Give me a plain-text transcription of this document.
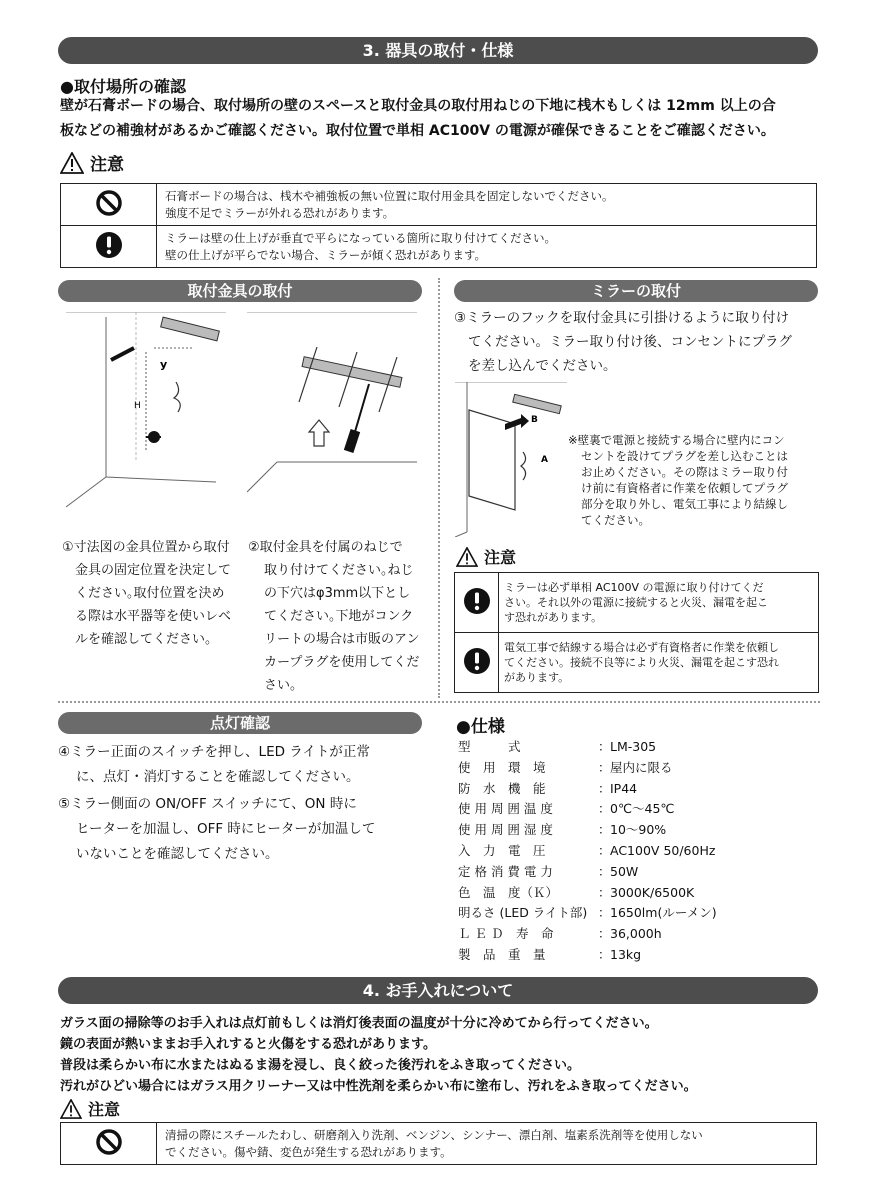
3. 器具の取付・仕様
●取付場所の確認
壁が石膏ボードの場合、取付場所の壁のスペースと取付金具の取付用ねじの下地に桟木もしくは 12mm 以上の合
板などの補強材があるかご確認ください。取付位置で単相 AC100V の電源が確保できることをご確認ください。
注意

石膏ボードの場合は、桟木や補強板の無い位置に取付用金具を固定しないでください。
強度不足でミラーが外れる恐れがあります。

ミラーは壁の仕上げが垂直で平らになっている箇所に取り付けてください。
壁の仕上げが平らでない場合、ミラーが傾く恐れがあります。
取付金具の取付
y
H
①寸法図の金具位置から取付
金具の固定位置を決定して
ください｡取付位置を決め
る際は水平器等を使いレベ
ルを確認してください。
②取付金具を付属のねじで
取り付けてください｡ねじ
の下穴はφ3mm以下とし
てください｡下地がコンク
リートの場合は市販のアン
カープラグを使用してくだ
さい｡
ミラーの取付
③ミラーのフックを取付金具に引掛けるように取り付け
てください。ミラー取り付け後、コンセントにプラグ
を差し込んでください。
B
A
※壁裏で電源と接続する場合に壁内にコン
セントを設けてプラグを差し込むことは
お止めください。その際はミラー取り付
け前に有資格者に作業を依頼してプラグ
部分を取り外し、電気工事により結線し
てください。
注意

ミラーは必ず単相 AC100V の電源に取り付けてくだ
さい。それ以外の電源に接続すると火災、漏電を起こ
す恐れがあります。

電気工事で結線する場合は必ず有資格者に作業を依頼し
てください。接続不良等により火災、漏電を起こす恐れ
があります。
点灯確認
④ミラー正面のスイッチを押し、LED ライトが正常
に、点灯・消灯することを確認してください。
⑤ミラー側面の ON/OFF スイッチにて、ON 時に
ヒーターを加温し、OFF 時にヒーターが加温して
いないことを確認してください。
●仕様
型　　　式	： LM-305
使　用　環　境	： 屋内に限る
防　水　機　能	： IP44
使 用 周 囲 温 度	： 0℃～45℃
使 用 周 囲 湿 度	： 10～90%
入　力　電　圧	： AC100V 50/60Hz
定 格 消 費 電 力	： 50W
色　温　度（Ｋ）	： 3000K/6500K
明るさ (LED ライト部) ： 1650lm(ルーメン)
Ｌ Ｅ Ｄ　寿　命	： 36,000h
製　品　重　量	： 13kg
4. お手入れについて
ガラス面の掃除等のお手入れは点灯前もしくは消灯後表面の温度が十分に冷めてから行ってください。
鏡の表面が熱いままお手入れすると火傷をする恐れがあります。
普段は柔らかい布に水またはぬるま湯を浸し、良く絞った後汚れをふき取ってください。
汚れがひどい場合にはガラス用クリーナー又は中性洗剤を柔らかい布に塗布し、汚れをふき取ってください。
注意

清掃の際にスチールたわし、研磨剤入り洗剤、ベンジン、シンナー、漂白剤、塩素系洗剤等を使用しない
でください。傷や錆、変色が発生する恐れがあります。
